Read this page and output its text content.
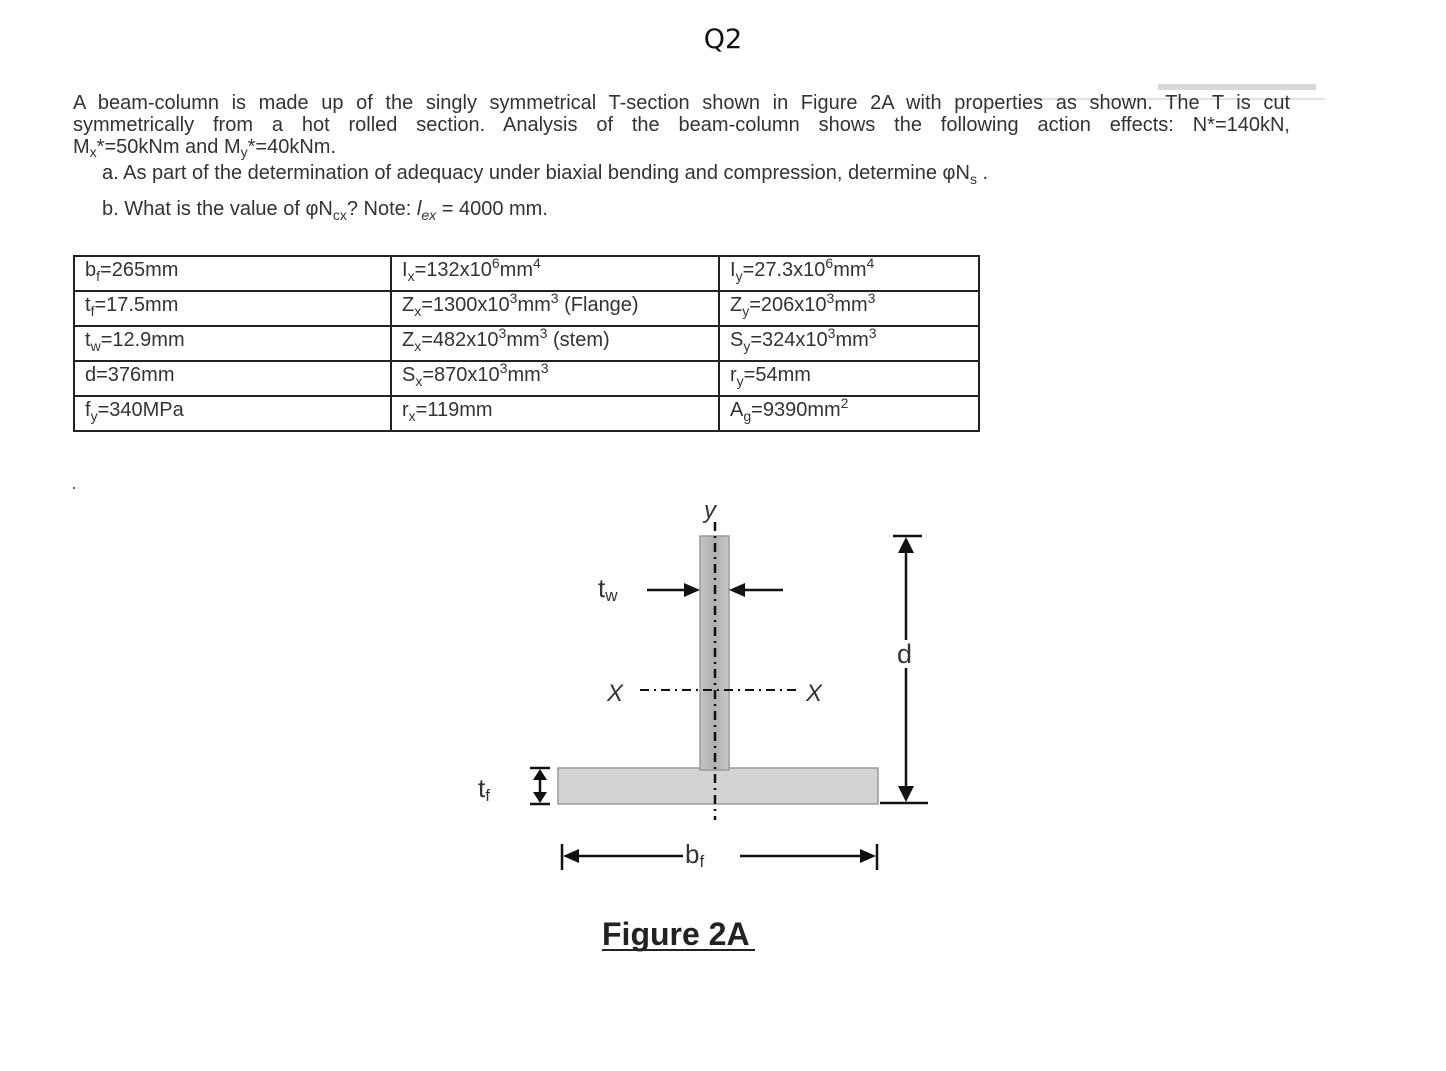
Q2
A beam-column is made up of the singly symmetrical T-section shown in Figure 2A with properties as shown. The T is cut
symmetrically from a hot rolled section. Analysis of the beam-column shows the following action effects: N*=140kN,
$M_x*=50kNm$ and $M_y*=40kNm$.
a. As part of the determination of adequacy under biaxial bending and compression, determine $\varphi N_s$ .
b. What is the value of $\varphi N_{cx}$? Note: $l_{ex} = 4000$ mm.
$b_f=265mm$	$I_x=132x10^6mm^4$	$I_y=27.3x10^6mm^4$
$t_f=17.5mm$	$Z_x=1300x10^3mm^3$ (Flange)	$Z_y=206x10^3mm^3$
$t_w=12.9mm$	$Z_x=482x10^3mm^3$ (stem)	$S_y=324x10^3mm^3$
d=376mm	$S_x=870x10^3mm^3$	$r_y=54mm$
$f_y=340MPa$	$r_x=119mm$	$A_g=9390mm^2$
y
tw
X	X
d
tf
bf
Figure 2A
